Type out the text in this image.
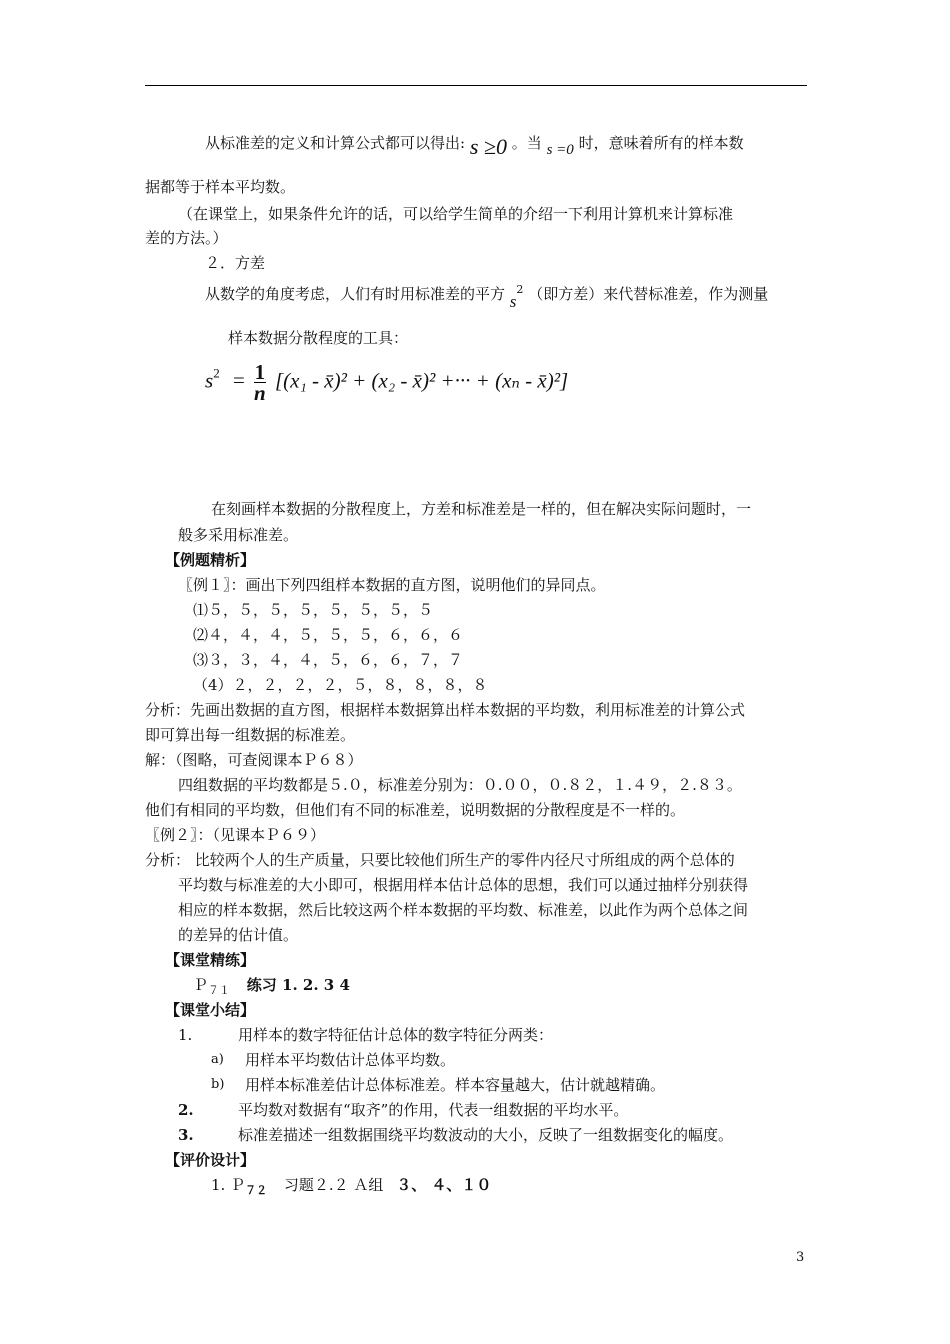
从标准差的定义和计算公式都可以得出: s ≥0 。当 s =0 时，意味着所有的样本数
据都等于样本平均数。
（在课堂上，如果条件允许的话，可以给学生简单的介绍一下利用计算机来计算标准
差的方法。）
２．方差
从数学的角度考虑，人们有时用标准差的平方 $s^2$ （即方差）来代替标准差，作为测量
样本数据分散程度的工具：
$s^2 = \frac{1}{n} [(x_1$ - x̄)² + (x₂ - x̄)² +··· + (xₙ - x̄)²]
在刻画样本数据的分散程度上，方差和标准差是一样的，但在解决实际问题时，一
般多采用标准差。
【例题精析】
〖例１〗：画出下列四组样本数据的直方图，说明他们的异同点。
⑴５，５，５，５，５，５，５，５
⑵４，４，４，５，５，５，６，６，６
⑶３，３，４，４，５，６，６，７，７
（4）２，２，２，２，５，８，８，８，８
分析：先画出数据的直方图，根据样本数据算出样本数据的平均数，利用标准差的计算公式
即可算出每一组数据的标准差。
解：（图略，可查阅课本Ｐ６８）
四组数据的平均数都是５.０，标准差分别为：０.００，０.８２，１.４９，２.８３。
他们有相同的平均数，但他们有不同的标准差，说明数据的分散程度是不一样的。
〖例２〗：（见课本Ｐ６９）
分析： 比较两个人的生产质量，只要比较他们所生产的零件内径尺寸所组成的两个总体的
平均数与标准差的大小即可，根据用样本估计总体的思想，我们可以通过抽样分别获得
相应的样本数据，然后比较这两个样本数据的平均数、标准差，以此作为两个总体之间
的差异的估计值。
【课堂精练】
Ｐ$_{71}$ 练习 1. 2. 3 4
【课堂小结】
1.	用样本的数字特征估计总体的数字特征分两类：
a) 用样本平均数估计总体平均数。
b) 用样本标准差估计总体标准差。样本容量越大，估计就越精确。
2.	平均数对数据有“取齐”的作用，代表一组数据的平均水平。
3.	标准差描述一组数据围绕平均数波动的大小，反映了一组数据变化的幅度。
【评价设计】
1. Ｐ$_{72}$ 习题２.２ Ａ组 ３、 ４、１０
3
